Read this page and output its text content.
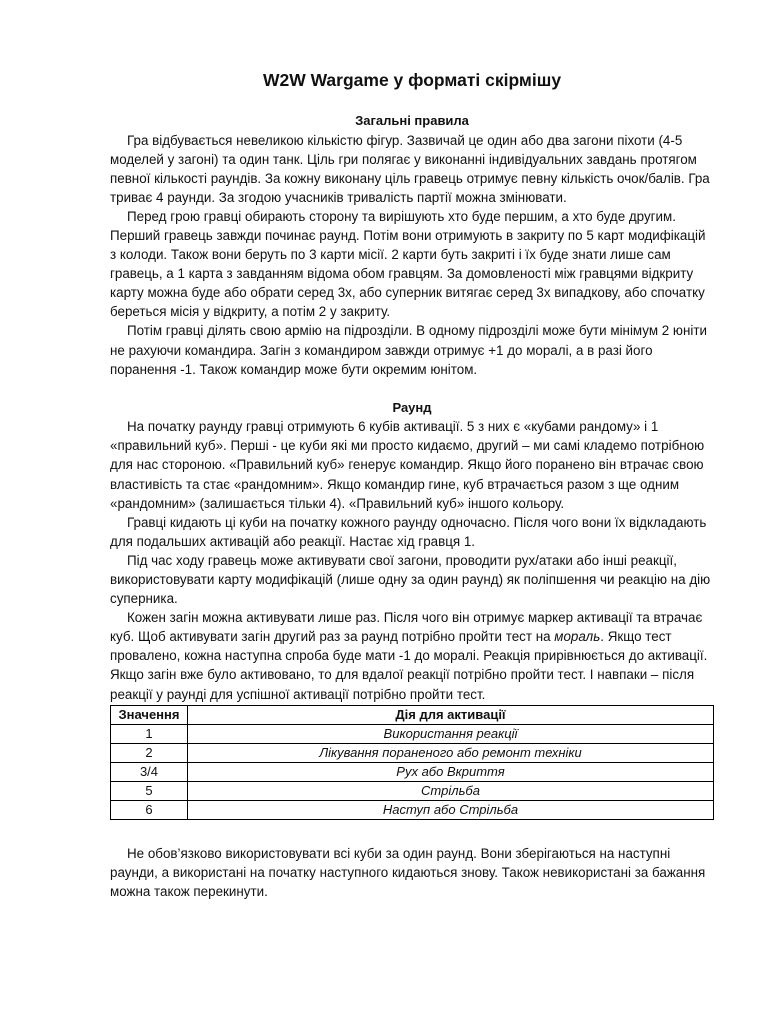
W2W Wargame у форматі скірмішу
Загальні правила

Гра відбувається невеликою кількістю фігур. Зазвичай це один або два загони піхоти (4-5 моделей у загоні) та один танк. Ціль гри полягає у виконанні індивідуальних завдань протягом певної кількості раундів. За кожну виконану ціль гравець отримує певну кількість очок/балів. Гра триває 4 раунди. За згодою учасників тривалість партії можна змінювати.

Перед грою гравці обирають сторону та вирішують хто буде першим, а хто буде другим. Перший гравець завжди починає раунд. Потім вони отримують в закриту по 5 карт модифікацій з колоди. Також вони беруть по 3 карти місії. 2 карти буть закриті і їх буде знати лише сам гравець, а 1 карта з завданням відома обом гравцям. За домовленості між гравцями відкриту карту можна буде або обрати серед 3х, або суперник витягає серед 3х випадкову, або спочатку береться місія у відкриту, а потім 2 у закриту.

Потім гравці ділять свою армію на підрозділи. В одному підрозділі може бути мінімум 2 юніти не рахуючи командира. Загін з командиром завжди отримує +1 до моралі, а в разі його поранення -1. Також командир може бути окремим юнітом.

Раунд

На початку раунду гравці отримують 6 кубів активації. 5 з них є «кубами рандому» і 1 «правильний куб». Перші - це куби які ми просто кидаємо, другий – ми самі кладемо потрібною для нас стороною. «Правильний куб» генерує командир. Якщо його поранено він втрачає свою властивість та стає «рандомним». Якщо командир гине, куб втрачається разом з ще одним «рандомним» (залишається тільки 4). «Правильний куб» іншого кольору.

Гравці кидають ці куби на початку кожного раунду одночасно. Після чого вони їх відкладають для подальших активацій або реакції. Настає хід гравця 1.

Під час ходу гравець може активувати свої загони, проводити рух/атаки або інші реакції, використовувати карту модифікацій (лише одну за один раунд) як поліпшення чи реакцію на дію суперника.

Кожен загін можна активувати лише раз. Після чого він отримує маркер активації та втрачає куб. Щоб активувати загін другий раз за раунд потрібно пройти тест на мораль. Якщо тест провалено, кожна наступна спроба буде мати -1 до моралі. Реакція прирівнюється до активації. Якщо загін вже було активовано, то для вдалої реакції потрібно пройти тест. І навпаки – після реакції у раунді для успішної активації потрібно пройти тест.

Значення	Дія для активації
1	Використання реакції
2	Лікування пораненого або ремонт техніки
3/4	Рух або Вкриття
5	Стрільба
6	Наступ або Стрільба

Не обов’язково використовувати всі куби за один раунд. Вони зберігаються на наступні раунди, а використані на початку наступного кидаються знову. Також невикористані за бажання можна також перекинути.
